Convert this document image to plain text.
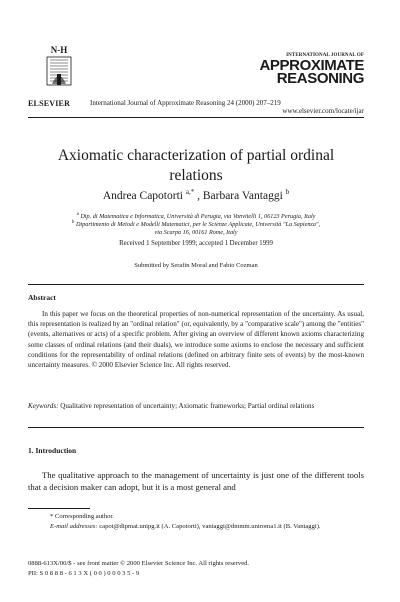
N-H
ELSEVIER	International Journal of Approximate Reasoning 24 (2000) 207–219
INTERNATIONAL JOURNAL OF
APPROXIMATE
REASONING
www.elsevier.com/locate/ijar
Axiomatic characterization of partial ordinal
relations
Andrea Capotorti $^{a,*}$ , Barbara Vantaggi $^b$
$^a$ Dip. di Matematica e Informatica, Università di Perugia, via Vanvitelli 1, 06123 Perugia, Italy
$^b$ Dipartimento di Metodi e Modelli Matematici, per le Scienze Applicate, Università "La Sapienza",
via Scarpa 16, 00161 Rome, Italy
Received 1 September 1999; accepted 1 December 1999
Submitted by Serafin Moral and Fabio Cozman
Abstract
In this paper we focus on the theoretical properties of non-numerical representation of the uncertainty. As usual, this representation is realized by an "ordinal relation" (or, equivalently, by a "comparative scale") among the "entities" (events, alternatives or acts) of a specific problem. After giving an overview of different known axioms characterizing some classes of ordinal relations (and their duals), we introduce some axioms to enclose the necessary and sufficient conditions for the representability of ordinal relations (defined on arbitrary finite sets of events) by the most-known uncertainty measures. © 2000 Elsevier Science Inc. All rights reserved.
Keywords: Qualitative representation of uncertainty; Axiomatic frameworks; Partial ordinal relations
1. Introduction
The qualitative approach to the management of uncertainty is just one of the different tools that a decision maker can adopt, but it is a most general and
* Corresponding author.
E-mail addresses: capot@dipmat.unipg.it (A. Capotorti), vantaggi@dmmm.uniroma1.it (B. Vantaggi).
0888-613X/00/$ - see front matter © 2000 Elsevier Science Inc. All rights reserved.
PII: S 0 8 8 8 - 6 1 3 X ( 0 0 ) 0 0 0 3 5 - 9
